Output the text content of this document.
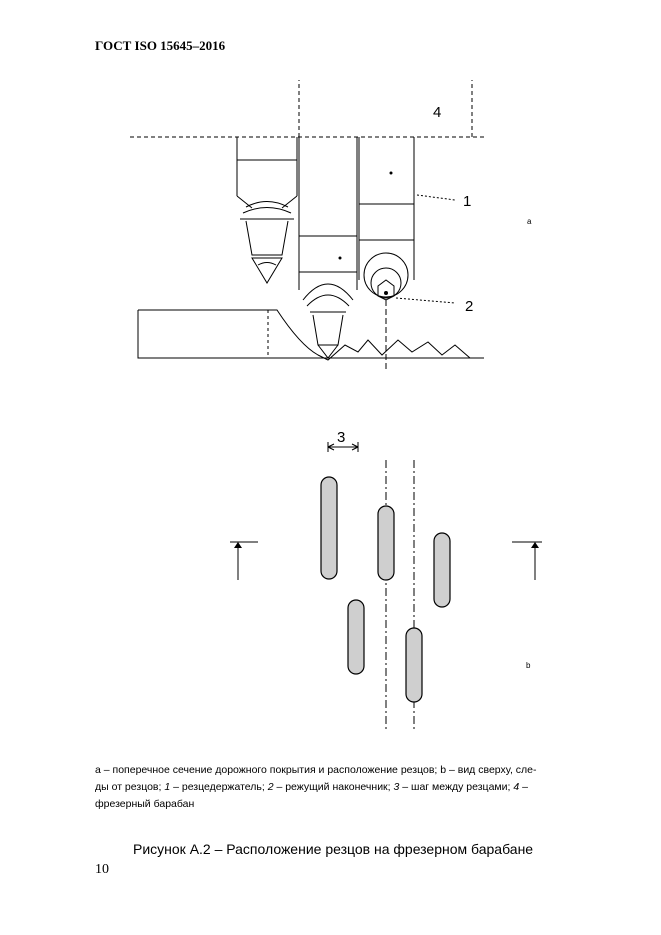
ГОСТ ISO 15645–2016
4
1
2
a
3
b
a – поперечное сечение дорожного покрытия и расположение резцов; b – вид сверху, сле-
ды от резцов; 1 – резцедержатель; 2 – режущий наконечник; 3 – шаг между резцами; 4 –
фрезерный барабан
Рисунок А.2 – Расположение резцов на фрезерном барабане
10
